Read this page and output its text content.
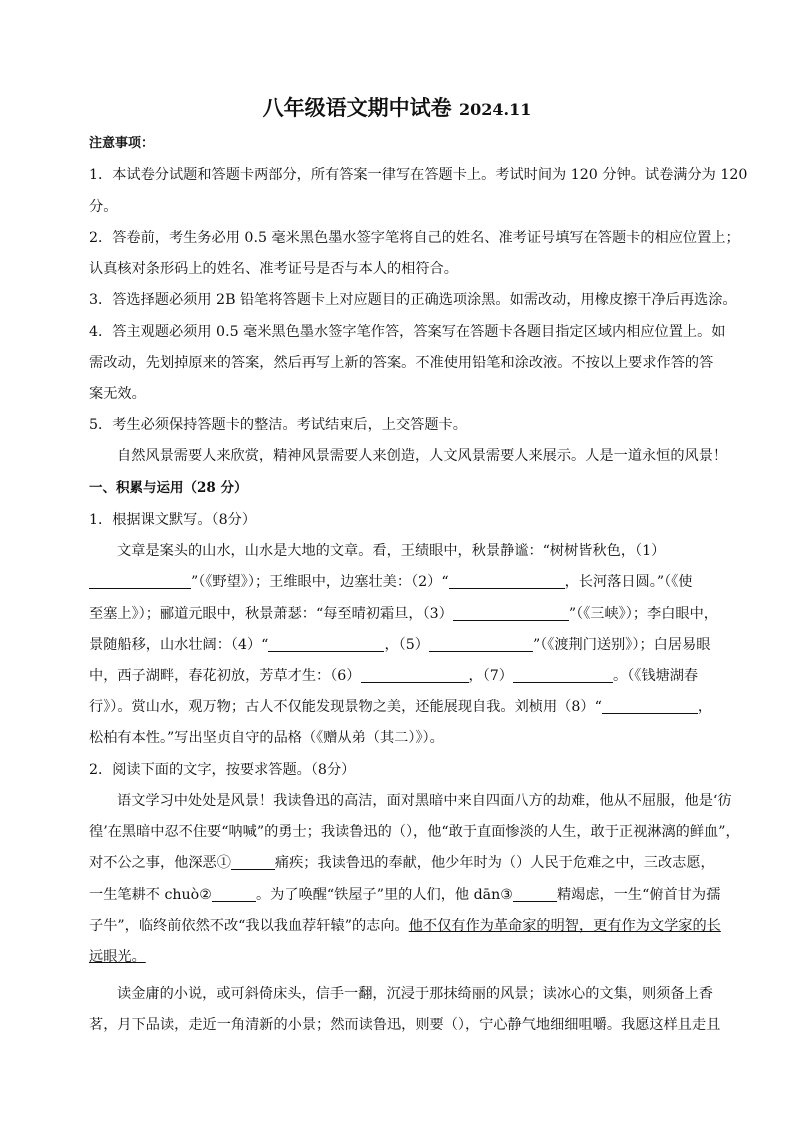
八年级语文期中试卷 2024.11
注意事项：
1．本试卷分试题和答题卡两部分，所有答案一律写在答题卡上。考试时间为 120 分钟。试卷满分为 120
分。
2．答卷前，考生务必用 0.5 毫米黑色墨水签字笔将自己的姓名、准考证号填写在答题卡的相应位置上；
认真核对条形码上的姓名、准考证号是否与本人的相符合。
3．答选择题必须用 2B 铅笔将答题卡上对应题目的正确选项涂黑。如需改动，用橡皮擦干净后再选涂。
4．答主观题必须用 0.5 毫米黑色墨水签字笔作答，答案写在答题卡各题目指定区域内相应位置上。如
需改动，先划掉原来的答案，然后再写上新的答案。不准使用铅笔和涂改液。不按以上要求作答的答
案无效。
5．考生必须保持答题卡的整洁。考试结束后，上交答题卡。
自然风景需要人来欣赏，精神风景需要人来创造，人文风景需要人来展示。人是一道永恒的风景！
一、积累与运用（28 分）
1．根据课文默写。（8分）
文章是案头的山水，山水是大地的文章。看，王绩眼中，秋景静谧：“树树皆秋色，（1）
”（《野望》）；王维眼中，边塞壮美：（2）“	，长河落日圆。”（《使
至塞上》）；郦道元眼中，秋景萧瑟：“每至晴初霜旦，（3）	”（《三峡》）；李白眼中，
景随船移，山水壮阔：（4）“	，（5）	”（《渡荆门送别》）；白居易眼
中，西子湖畔，春花初放，芳草才生：（6）	，（7）	。（《钱塘湖春
行》）。赏山水，观万物；古人不仅能发现景物之美，还能展现自我。刘桢用（8）“	，
松柏有本性。”写出坚贞自守的品格（《赠从弟（其二）》）。
2．阅读下面的文字，按要求答题。（8分）
语文学习中处处是风景！我读鲁迅的高洁，面对黑暗中来自四面八方的劫难，他从不屈服，他是‘彷
徨’在黑暗中忍不住要“呐喊”的勇士；我读鲁迅的（），他“敢于直面惨淡的人生，敢于正视淋漓的鲜血”，
对不公之事，他深恶①	痛疾；我读鲁迅的奉献，他少年时为（）人民于危难之中，三改志愿，
一生笔耕不 chuò②	。为了唤醒“铁屋子”里的人们，他 dān③	精竭虑，一生“俯首甘为孺
子牛”，临终前依然不改“我以我血荐轩辕”的志向。他不仅有作为革命家的明智，更有作为文学家的长
远眼光。
读金庸的小说，或可斜倚床头，信手一翻，沉浸于那抹绮丽的风景；读冰心的文集，则须备上香
茗，月下品读，走近一角清新的小景；然而读鲁迅，则要（），宁心静气地细细咀嚼。我愿这样且走且
